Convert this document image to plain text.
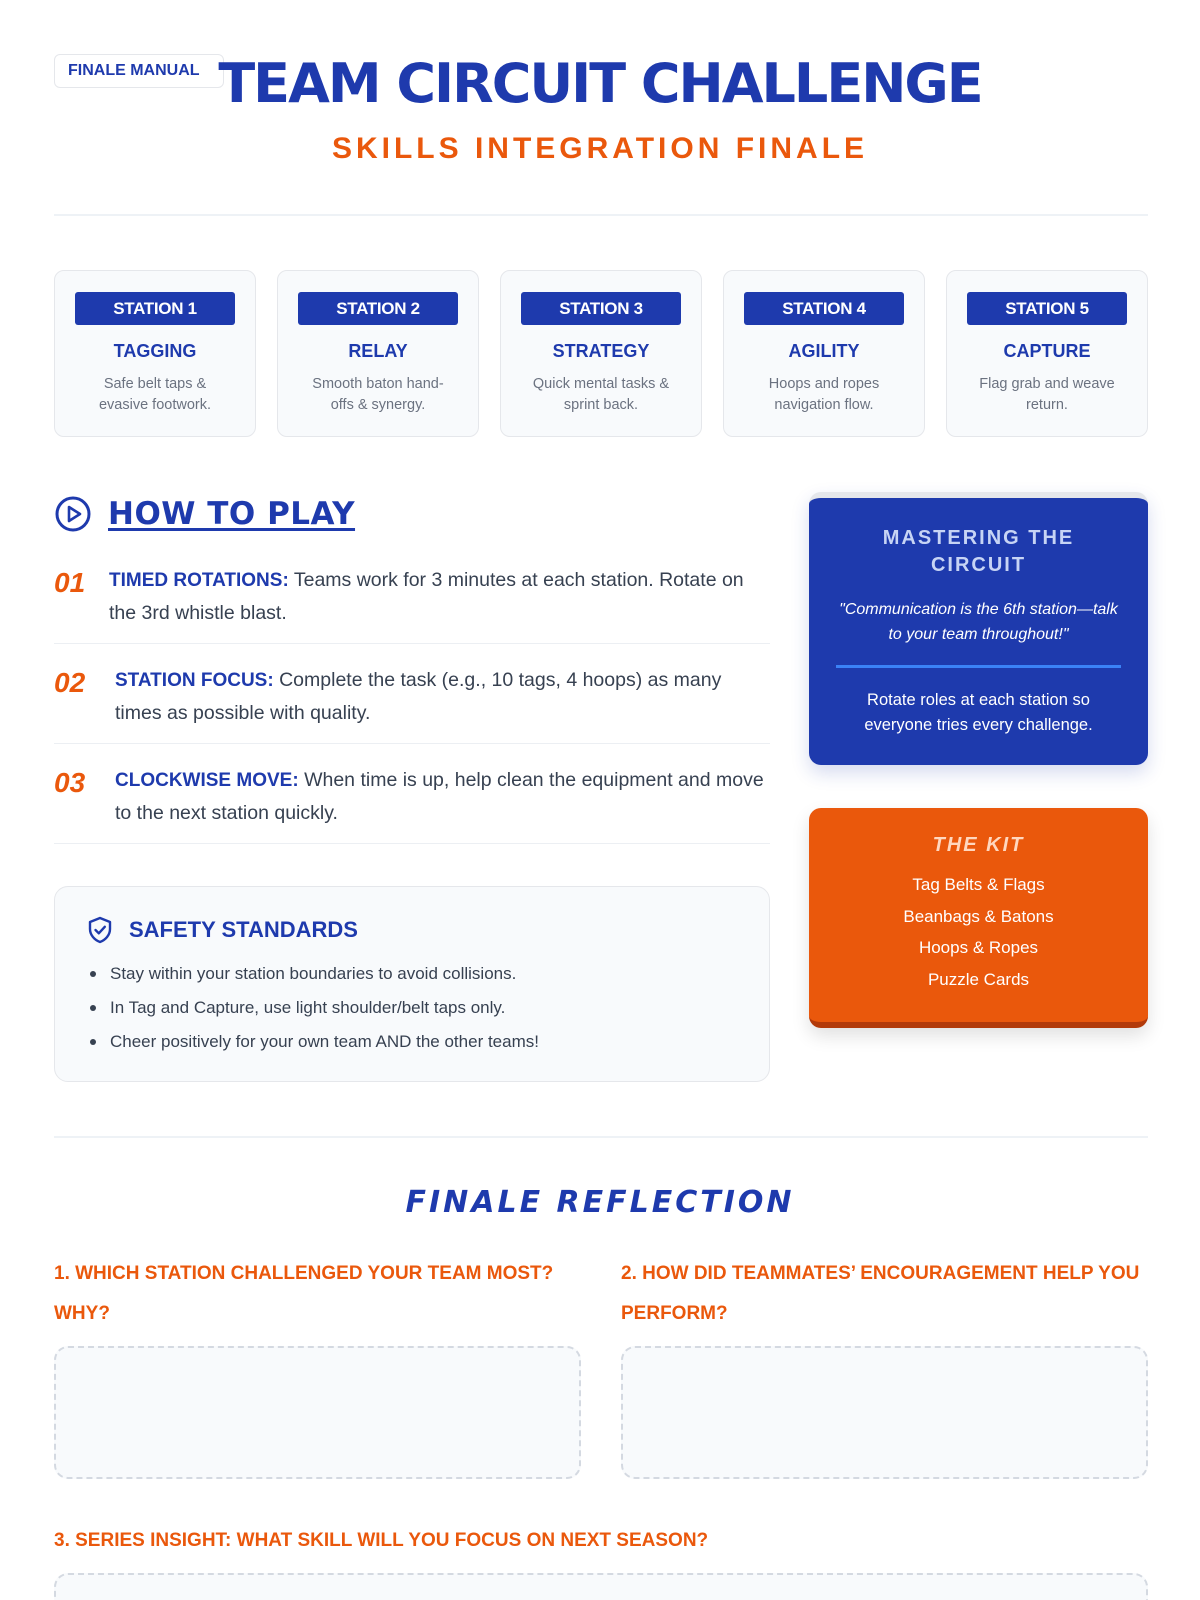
FINALE MANUAL TEAM CIRCUIT CHALLENGE
SKILLS INTEGRATION FINALE
STATION 1
TAGGING
Safe belt taps & evasive footwork.
STATION 2
RELAY
Smooth baton hand-offs & synergy.
STATION 3
STRATEGY
Quick mental tasks & sprint back.
STATION 4
AGILITY
Hoops and ropes navigation flow.
STATION 5
CAPTURE
Flag grab and weave return.
HOW TO PLAY
01 TIMED ROTATIONS: Teams work for 3 minutes at each station. Rotate on the 3rd whistle blast.
02 STATION FOCUS: Complete the task (e.g., 10 tags, 4 hoops) as many times as possible with quality.
03 CLOCKWISE MOVE: When time is up, help clean the equipment and move to the next station quickly.
SAFETY STANDARDS
Stay within your station boundaries to avoid collisions.
In Tag and Capture, use light shoulder/belt taps only.
Cheer positively for your own team AND the other teams!
MASTERING THE CIRCUIT
"Communication is the 6th station—talk to your team throughout!"
Rotate roles at each station so everyone tries every challenge.
THE KIT
Tag Belts & Flags
Beanbags & Batons
Hoops & Ropes
Puzzle Cards
FINALE REFLECTION
1. WHICH STATION CHALLENGED YOUR TEAM MOST? WHY?
2. HOW DID TEAMMATES’ ENCOURAGEMENT HELP YOU PERFORM?
3. SERIES INSIGHT: WHAT SKILL WILL YOU FOCUS ON NEXT SEASON?
